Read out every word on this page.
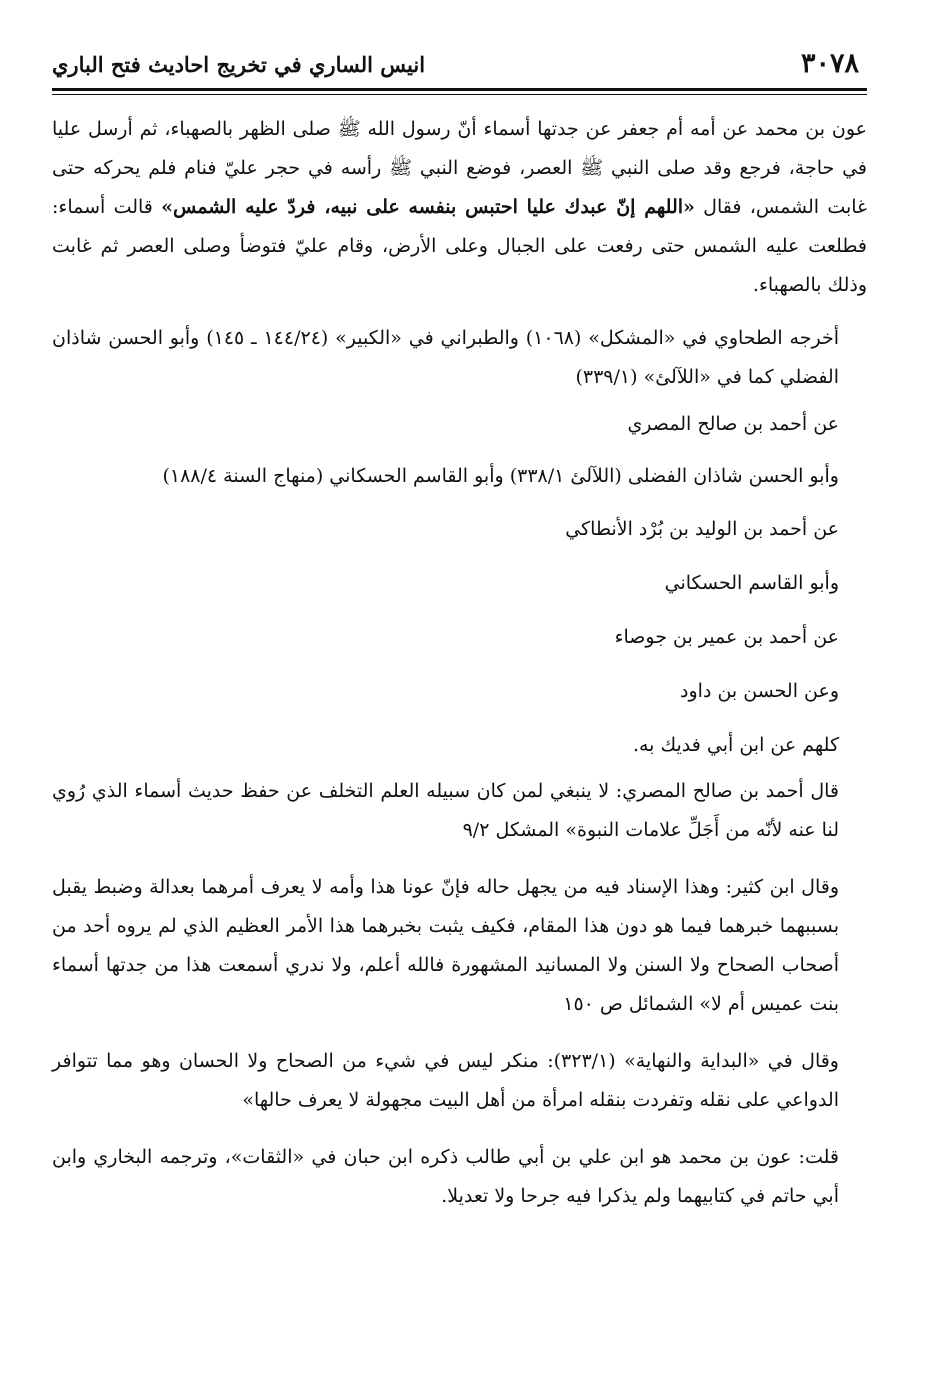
٣٠٧٨
انيس الساري في تخريج احاديث فتح الباري

عون بن محمد عن أمه أم جعفر عن جدتها أسماء أنّ رسول الله ﷺ صلى الظهر بالصهباء، ثم أرسل عليا في حاجة، فرجع وقد صلى النبي ﷺ العصر، فوضع النبي ﷺ رأسه في حجر عليّ فنام فلم يحركه حتى غابت الشمس، فقال «اللهم إنّ عبدك عليا احتبس بنفسه على نبيه، فردّ عليه الشمس» قالت أسماء: فطلعت عليه الشمس حتى رفعت على الجبال وعلى الأرض، وقام عليّ فتوضأ وصلى العصر ثم غابت وذلك بالصهباء.

أخرجه الطحاوي في «المشكل» (١٠٦٨) والطبراني في «الكبير» (١٤٤/٢٤ ـ ١٤٥) وأبو الحسن شاذان الفضلي كما في «اللآلئ» (٣٣٩/١)

عن أحمد بن صالح المصري

وأبو الحسن شاذان الفضلى (اللآلئ ٣٣٨/١) وأبو القاسم الحسكاني (منهاج السنة ١٨٨/٤)

عن أحمد بن الوليد بن بُرْد الأنطاكي

وأبو القاسم الحسكاني

عن أحمد بن عمير بن جوصاء

وعن الحسن بن داود

كلهم عن ابن أبي فديك به.

قال أحمد بن صالح المصري: لا ينبغي لمن كان سبيله العلم التخلف عن حفظ حديث أسماء الذي رُوي لنا عنه لأنّه من أَجَلِّ علامات النبوة» المشكل ٩/٢

وقال ابن كثير: وهذا الإسناد فيه من يجهل حاله فإنّ عونا هذا وأمه لا يعرف أمرهما بعدالة وضبط يقبل بسببهما خبرهما فيما هو دون هذا المقام، فكيف يثبت بخبرهما هذا الأمر العظيم الذي لم يروه أحد من أصحاب الصحاح ولا السنن ولا المسانيد المشهورة فالله أعلم، ولا ندري أسمعت هذا من جدتها أسماء بنت عميس أم لا» الشمائل ص ١٥٠

وقال في «البداية والنهاية» (٣٢٣/١): منكر ليس في شيء من الصحاح ولا الحسان وهو مما تتوافر الدواعي على نقله وتفردت بنقله امرأة من أهل البيت مجهولة لا يعرف حالها»

قلت: عون بن محمد هو ابن علي بن أبي طالب ذكره ابن حبان في «الثقات»، وترجمه البخاري وابن أبي حاتم في كتابيهما ولم يذكرا فيه جرحا ولا تعديلا.
